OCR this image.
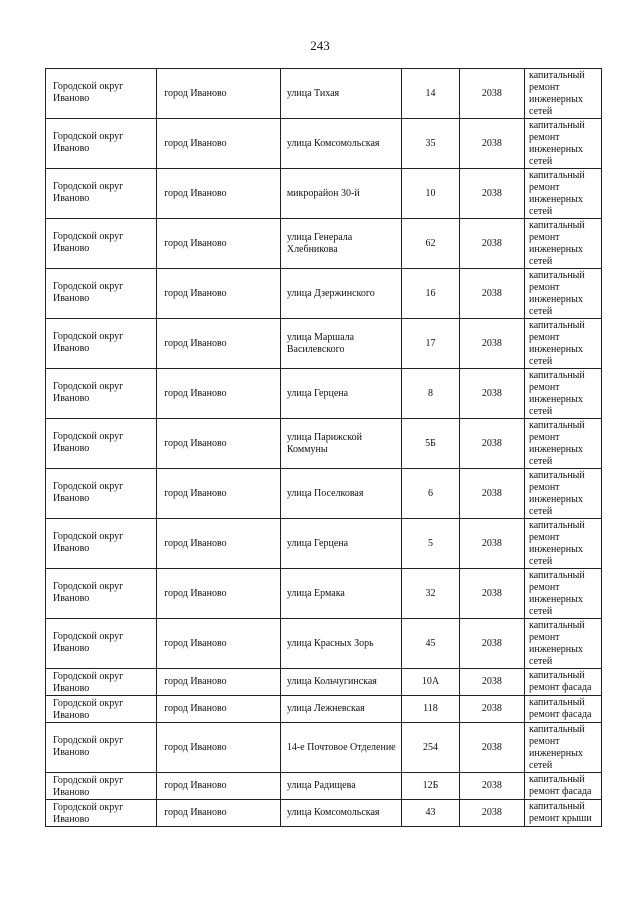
243
Городской округ Иваново	город Иваново	улица Тихая	14	2038	капитальный ремонт инженерных сетей
Городской округ Иваново	город Иваново	улица Комсомольская	35	2038	капитальный ремонт инженерных сетей
Городской округ Иваново	город Иваново	микрорайон 30-й	10	2038	капитальный ремонт инженерных сетей
Городской округ Иваново	город Иваново	улица Генерала Хлебникова	62	2038	капитальный ремонт инженерных сетей
Городской округ Иваново	город Иваново	улица Дзержинского	16	2038	капитальный ремонт инженерных сетей
Городской округ Иваново	город Иваново	улица Маршала Василевского	17	2038	капитальный ремонт инженерных сетей
Городской округ Иваново	город Иваново	улица Герцена	8	2038	капитальный ремонт инженерных сетей
Городской округ Иваново	город Иваново	улица Парижской Коммуны	5Б	2038	капитальный ремонт инженерных сетей
Городской округ Иваново	город Иваново	улица Поселковая	6	2038	капитальный ремонт инженерных сетей
Городской округ Иваново	город Иваново	улица Герцена	5	2038	капитальный ремонт инженерных сетей
Городской округ Иваново	город Иваново	улица Ермака	32	2038	капитальный ремонт инженерных сетей
Городской округ Иваново	город Иваново	улица Красных Зорь	45	2038	капитальный ремонт инженерных сетей
Городской округ Иваново	город Иваново	улица Кольчугинская	10А	2038	капитальный ремонт фасада
Городской округ Иваново	город Иваново	улица Лежневская	118	2038	капитальный ремонт фасада
Городской округ Иваново	город Иваново	14-е Почтовое Отделение	254	2038	капитальный ремонт инженерных сетей
Городской округ Иваново	город Иваново	улица Радищева	12Б	2038	капитальный ремонт фасада
Городской округ Иваново	город Иваново	улица Комсомольская	43	2038	капитальный ремонт крыши
